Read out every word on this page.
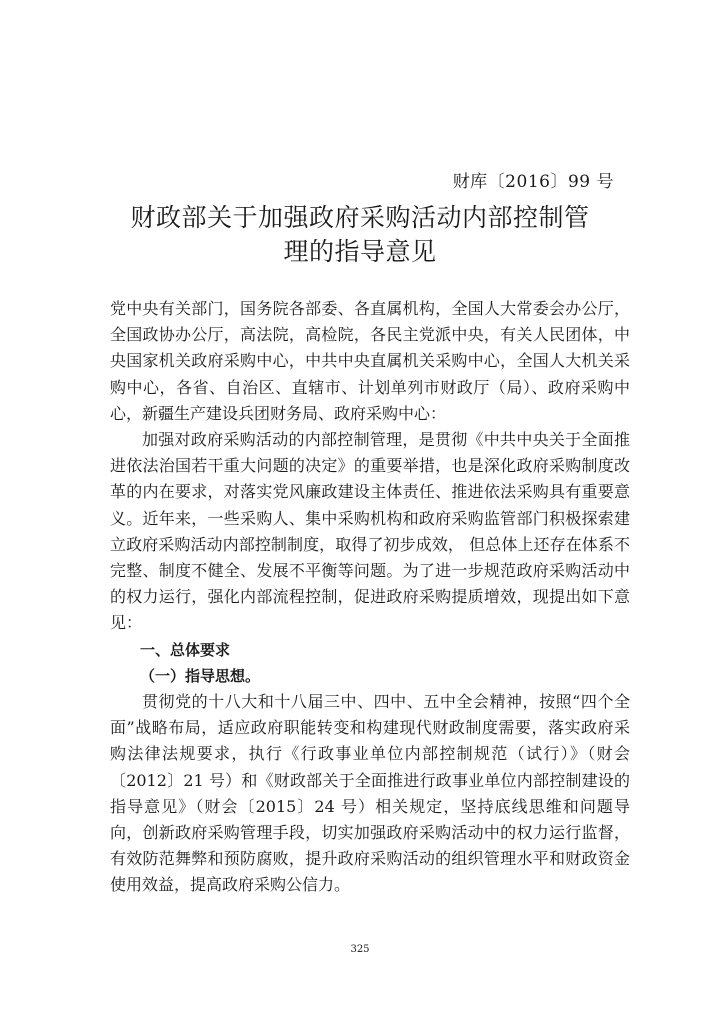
财库〔2016〕99 号
财政部关于加强政府采购活动内部控制管
理的指导意见

党中央有关部门，国务院各部委、各直属机构，全国人大常委会办公厅，全国政协办公厅，高法院，高检院，各民主党派中央，有关人民团体，中央国家机关政府采购中心，中共中央直属机关采购中心，全国人大机关采购中心，各省、自治区、直辖市、计划单列市财政厅（局）、政府采购中心，新疆生产建设兵团财务局、政府采购中心：

加强对政府采购活动的内部控制管理，是贯彻《中共中央关于全面推进依法治国若干重大问题的决定》的重要举措，也是深化政府采购制度改革的内在要求，对落实党风廉政建设主体责任、推进依法采购具有重要意义。近年来，一些采购人、集中采购机构和政府采购监管部门积极探索建立政府采购活动内部控制制度，取得了初步成效， 但总体上还存在体系不完整、制度不健全、发展不平衡等问题。为了进一步规范政府采购活动中的权力运行，强化内部流程控制，促进政府采购提质增效，现提出如下意见：

一、总体要求

（一）指导思想。

贯彻党的十八大和十八届三中、四中、五中全会精神，按照“四个全面”战略布局，适应政府职能转变和构建现代财政制度需要，落实政府采购法律法规要求，执行《行政事业单位内部控制规范（试行）》（财会〔2012〕21 号）和《财政部关于全面推进行政事业单位内部控制建设的指导意见》（财会〔2015〕24 号）相关规定，坚持底线思维和问题导向，创新政府采购管理手段，切实加强政府采购活动中的权力运行监督，有效防范舞弊和预防腐败，提升政府采购活动的组织管理水平和财政资金使用效益，提高政府采购公信力。

325
